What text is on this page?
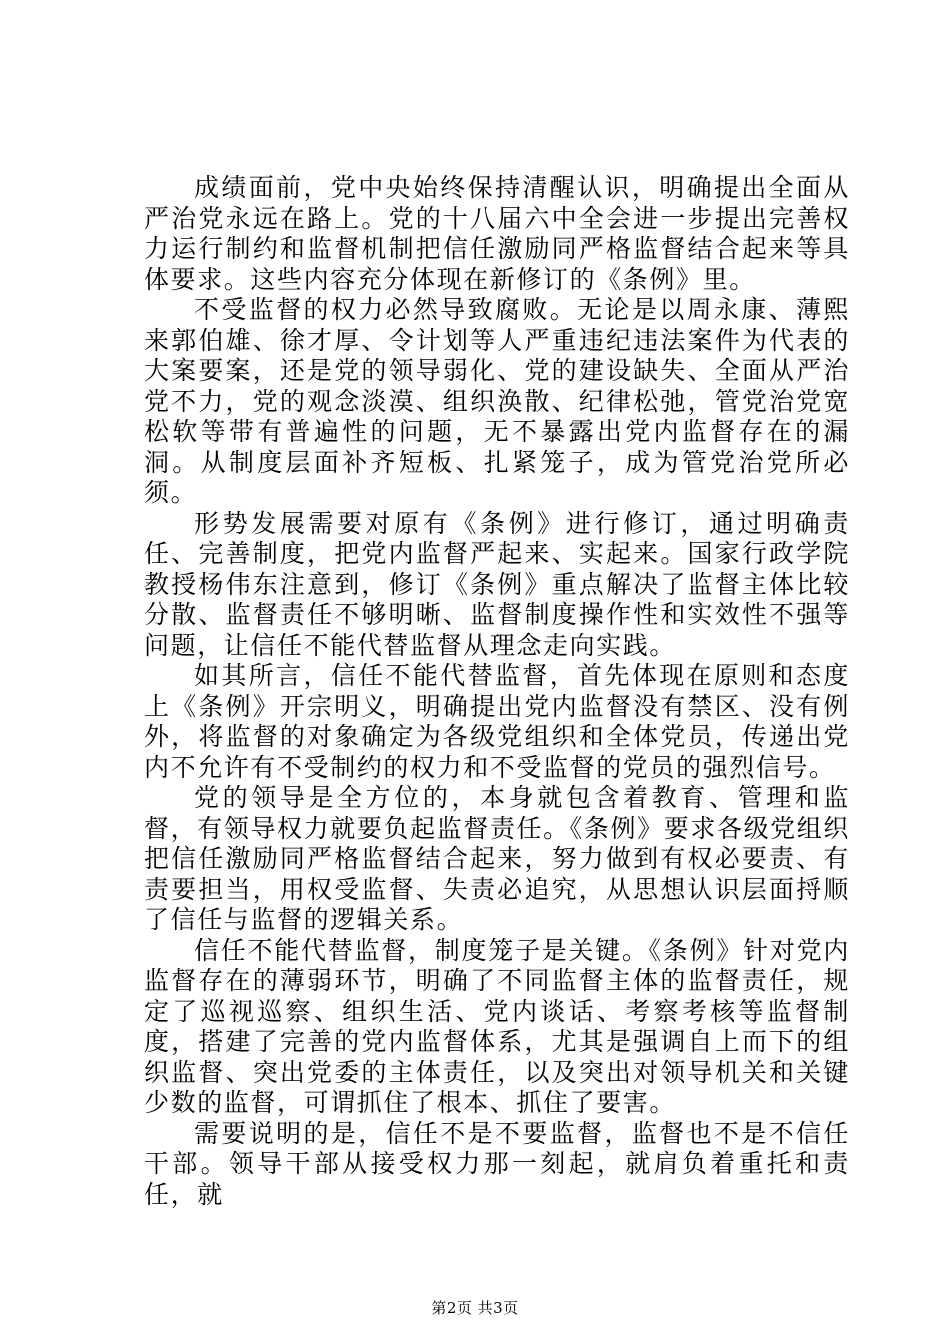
成绩面前，党中央始终保持清醒认识，明确提出全面从严治党永远在路上。党的十八届六中全会进一步提出完善权力运行制约和监督机制把信任激励同严格监督结合起来等具体要求。这些内容充分体现在新修订的《条例》里。

不受监督的权力必然导致腐败。无论是以周永康、薄熙来郭伯雄、徐才厚、令计划等人严重违纪违法案件为代表的大案要案，还是党的领导弱化、党的建设缺失、全面从严治党不力，党的观念淡漠、组织涣散、纪律松弛，管党治党宽松软等带有普遍性的问题，无不暴露出党内监督存在的漏洞。从制度层面补齐短板、扎紧笼子，成为管党治党所必须。

形势发展需要对原有《条例》进行修订，通过明确责任、完善制度，把党内监督严起来、实起来。国家行政学院教授杨伟东注意到，修订《条例》重点解决了监督主体比较分散、监督责任不够明晰、监督制度操作性和实效性不强等问题，让信任不能代替监督从理念走向实践。

如其所言，信任不能代替监督，首先体现在原则和态度上《条例》开宗明义，明确提出党内监督没有禁区、没有例外，将监督的对象确定为各级党组织和全体党员，传递出党内不允许有不受制约的权力和不受监督的党员的强烈信号。

党的领导是全方位的，本身就包含着教育、管理和监督，有领导权力就要负起监督责任。《条例》要求各级党组织把信任激励同严格监督结合起来，努力做到有权必要责、有责要担当，用权受监督、失责必追究，从思想认识层面捋顺了信任与监督的逻辑关系。

信任不能代替监督，制度笼子是关键。《条例》针对党内监督存在的薄弱环节，明确了不同监督主体的监督责任，规定了巡视巡察、组织生活、党内谈话、考察考核等监督制度，搭建了完善的党内监督体系，尤其是强调自上而下的组织监督、突出党委的主体责任，以及突出对领导机关和关键少数的监督，可谓抓住了根本、抓住了要害。

需要说明的是，信任不是不要监督，监督也不是不信任干部。领导干部从接受权力那一刻起，就肩负着重托和责任，就

第2页 共3页
